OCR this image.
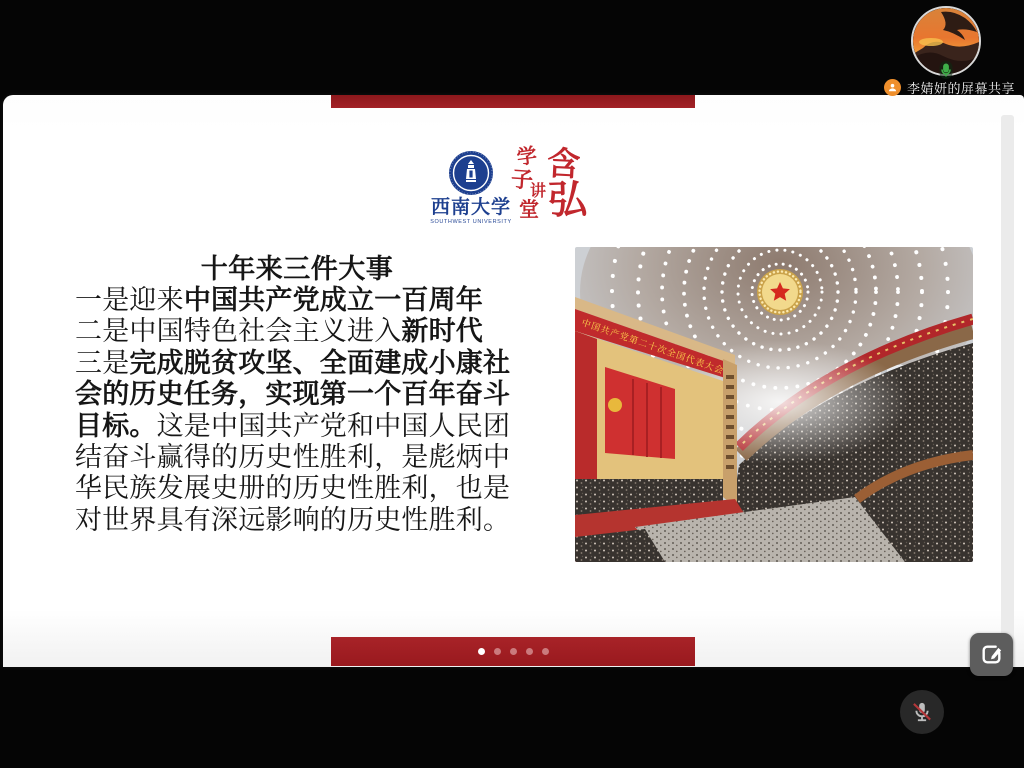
西南大学
SOUTHWEST UNIVERSITY
学
子
讲
堂
含
弘
十年来三件大事
一是迎来中国共产党成立一百周年
二是中国特色社会主义进入新时代
三是完成脱贫攻坚、全面建成小康社
会的历史任务，实现第一个百年奋斗
目标。这是中国共产党和中国人民团
结奋斗赢得的历史性胜利，是彪炳中
华民族发展史册的历史性胜利，也是
对世界具有深远影响的历史性胜利。
中国共产党第二十次全国代表大会
李婧妍的屏幕共享
